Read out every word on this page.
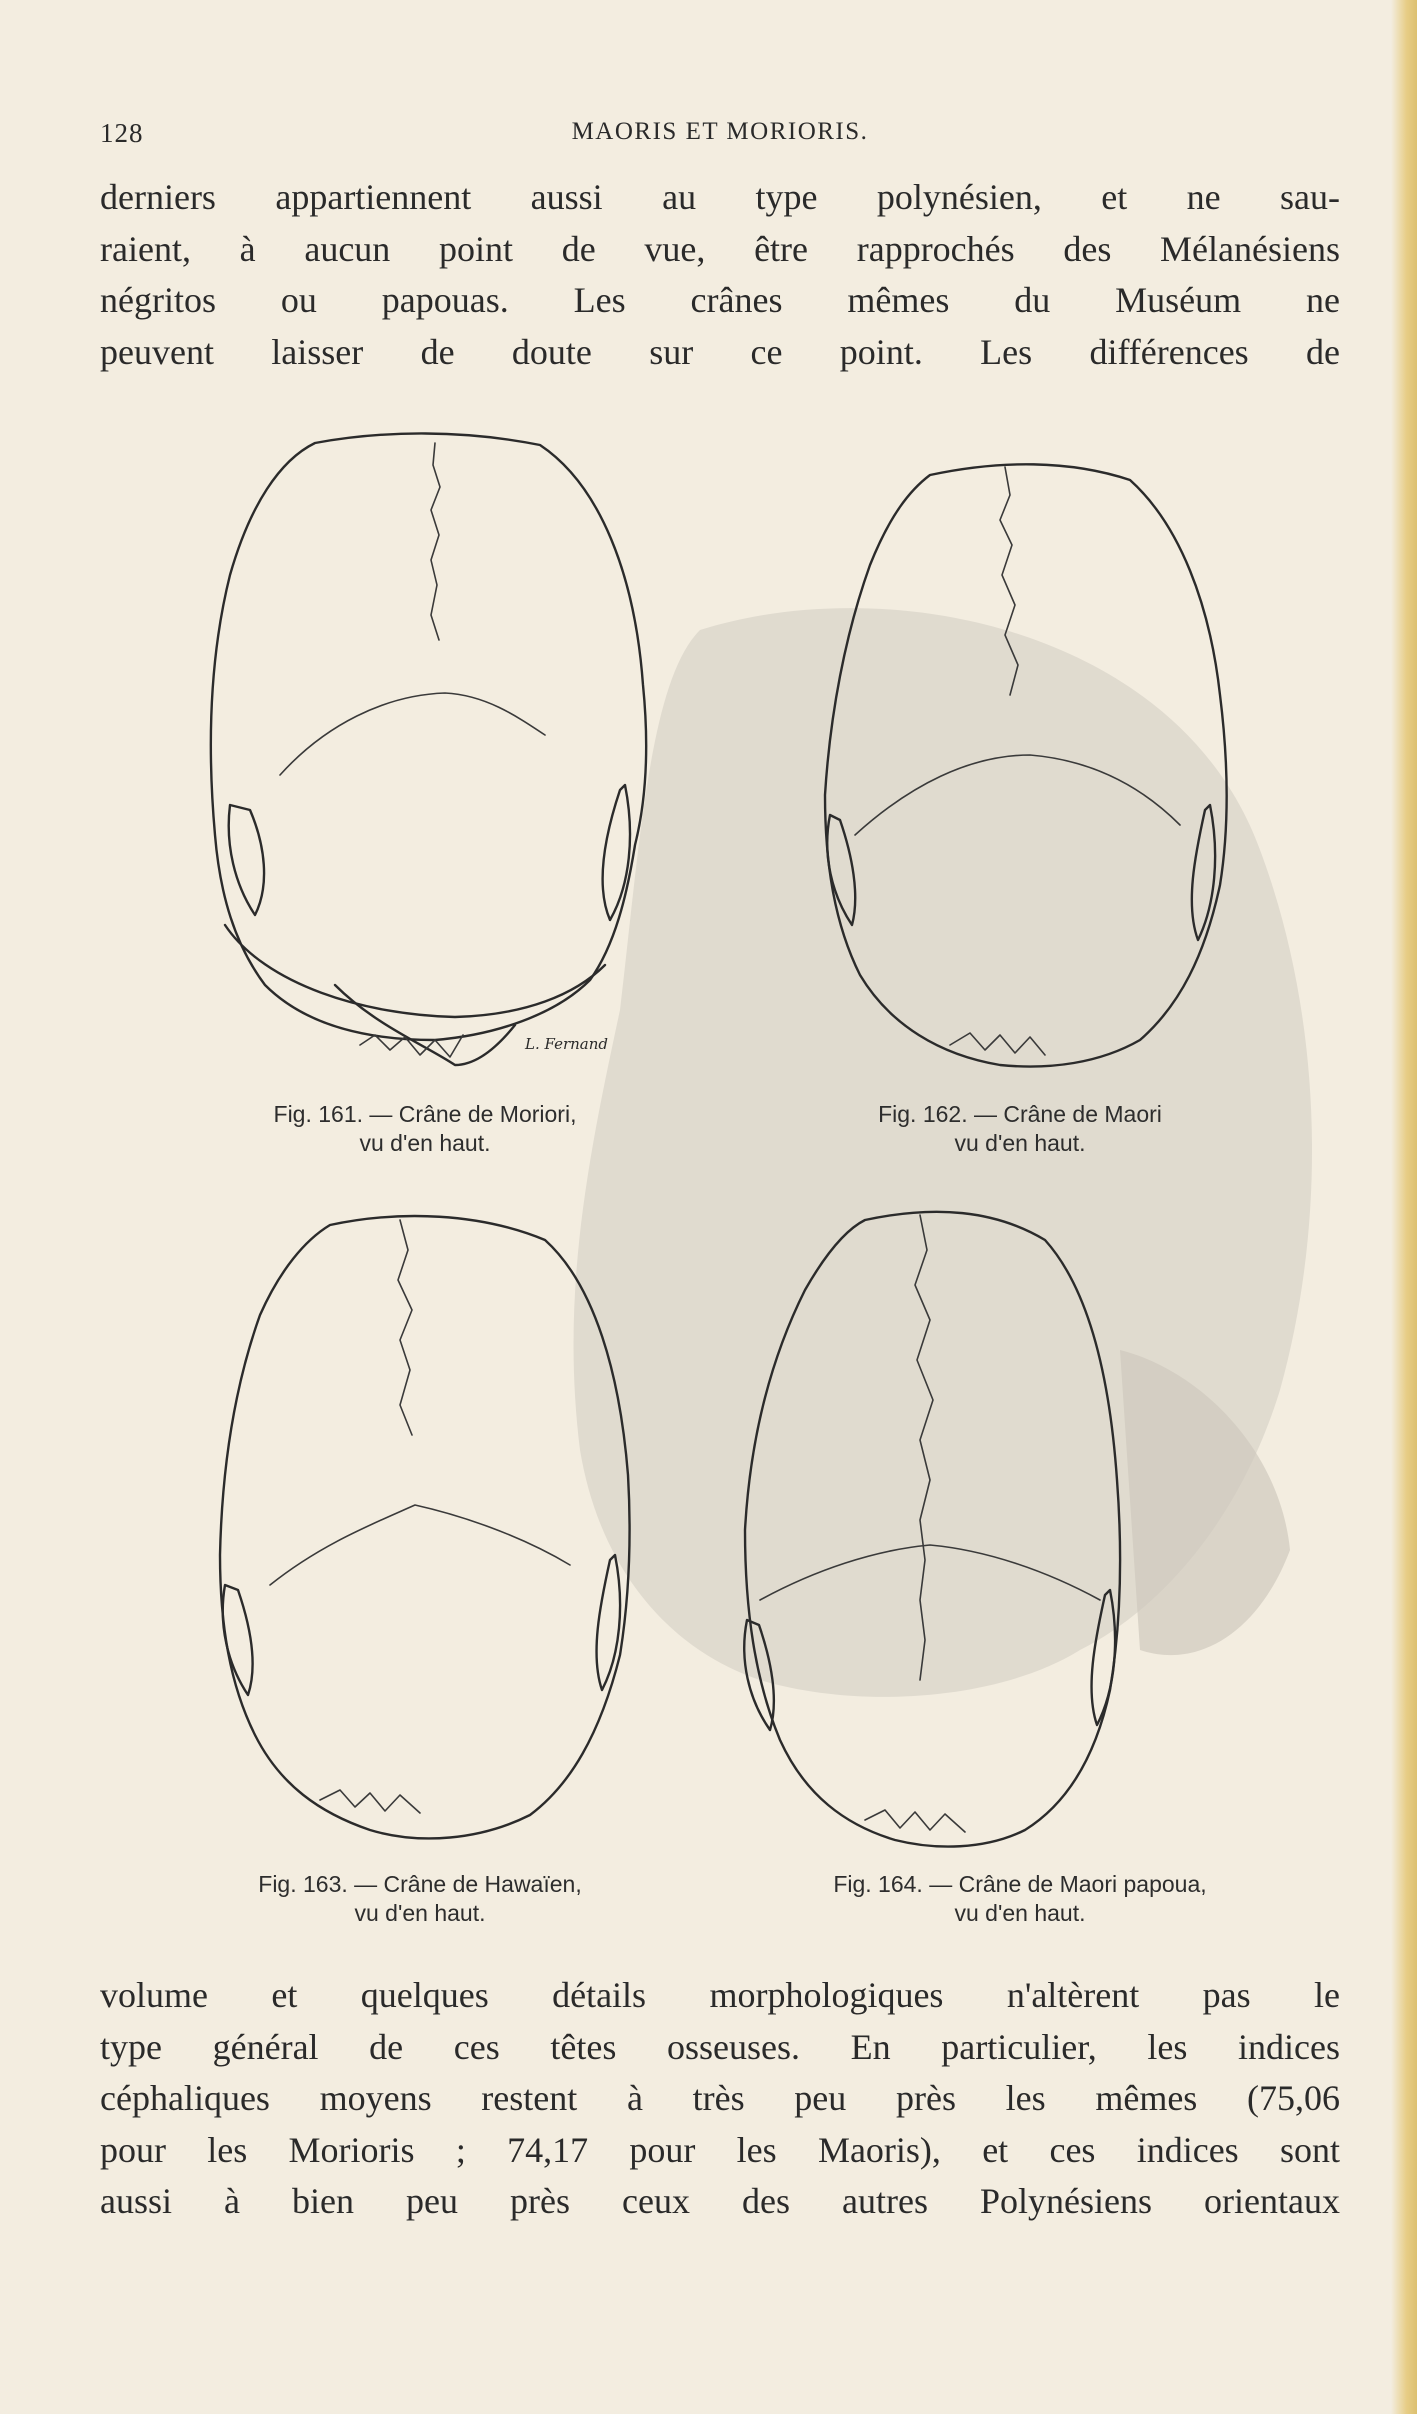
128	MAORIS ET MORIORIS.
derniers appartiennent aussi au type polynésien, et ne sau-
raient, à aucun point de vue, être rapprochés des Mélanésiens
négritos ou papouas. Les crânes mêmes du Muséum ne
peuvent laisser de doute sur ce point. Les différences de
L. Fernand
Fig. 161. — Crâne de Moriori,
vu d'en haut.
Fig. 162. — Crâne de Maori
vu d'en haut.
Fig. 163. — Crâne de Hawaïen,
vu d'en haut.
Fig. 164. — Crâne de Maori papoua,
vu d'en haut.
volume et quelques détails morphologiques n'altèrent pas le
type général de ces têtes osseuses. En particulier, les indices
céphaliques moyens restent à très peu près les mêmes (75,06
pour les Morioris ; 74,17 pour les Maoris), et ces indices sont
aussi à bien peu près ceux des autres Polynésiens orientaux
